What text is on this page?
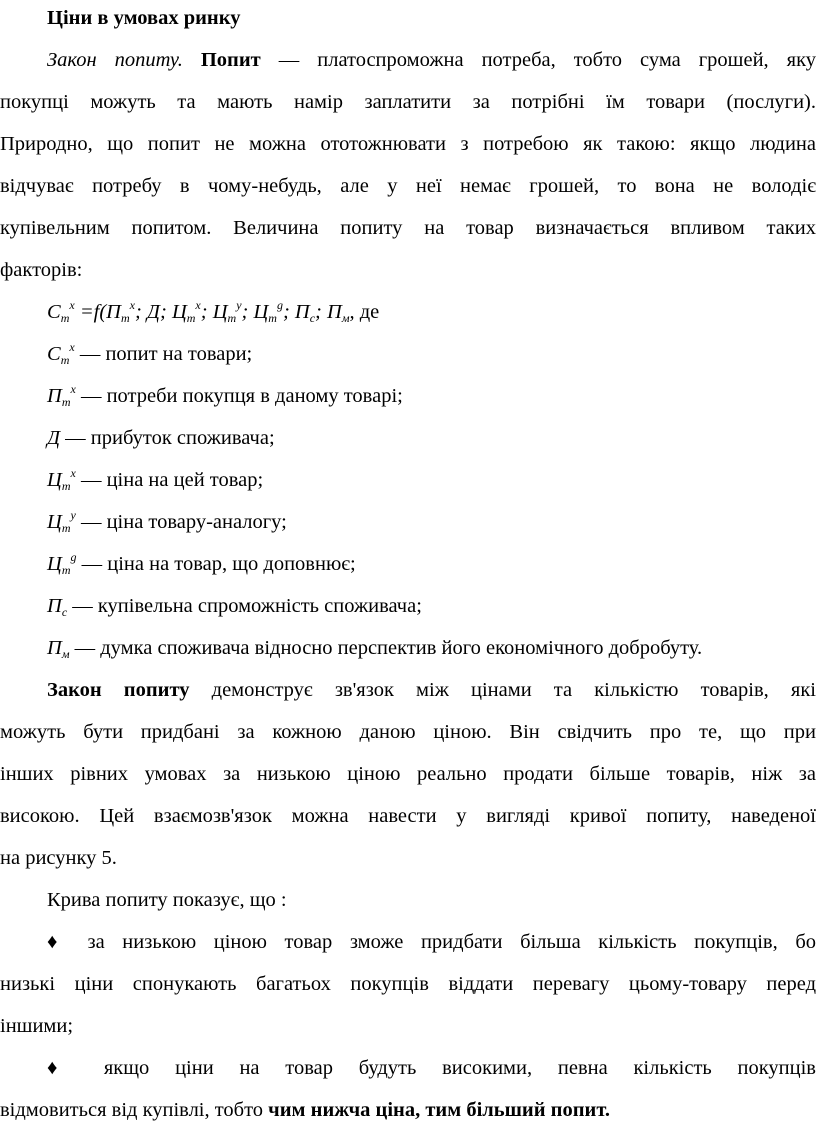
Ціни в умовах ринку
Закон попиту. Попит — платоспроможна потреба, тобто сума грошей, яку
покупці можуть та мають намір заплатити за потрібні їм товари (послуги).
Природно, що попит не можна ототожнювати з потребою як такою: якщо людина
відчуває потребу в чому-небудь, але у неї немає грошей, то вона не володіє
купівельним попитом. Величина попиту на товар визначається впливом таких
факторів:
$С_т^х =f(П_т^х$; Д; $Ц_т^х$; $Ц_т^у$; $Ц_т^g$; $П_с$; $П_м$, де
$С_т^х$ — попит на товари;
$П_т^х$ — потреби покупця в даному товарі;
Д — прибуток споживача;
$Ц_т^х$ — ціна на цей товар;
$Ц_т^у$ — ціна товару-аналогу;
$Ц_т^g$ — ціна на товар, що доповнює;
$П_с$ — купівельна спроможність споживача;
$П_м$ — думка споживача відносно перспектив його економічного добробуту.
Закон попиту демонструє зв'язок між цінами та кількістю товарів, які
можуть бути придбані за кожною даною ціною. Він свідчить про те, що при
інших рівних умовах за низькою ціною реально продати більше товарів, ніж за
високою. Цей взаємозв'язок можна навести у вигляді кривої попиту, наведеної
на рисунку 5.
Крива попиту показує, що :
♦ за низькою ціною товар зможе придбати більша кількість покупців, бо
низькі ціни спонукають багатьох покупців віддати перевагу цьому-товару перед
іншими;
♦ якщо ціни на товар будуть високими, певна кількість покупців
відмовиться від купівлі, тобто чим нижча ціна, тим більший попит.
